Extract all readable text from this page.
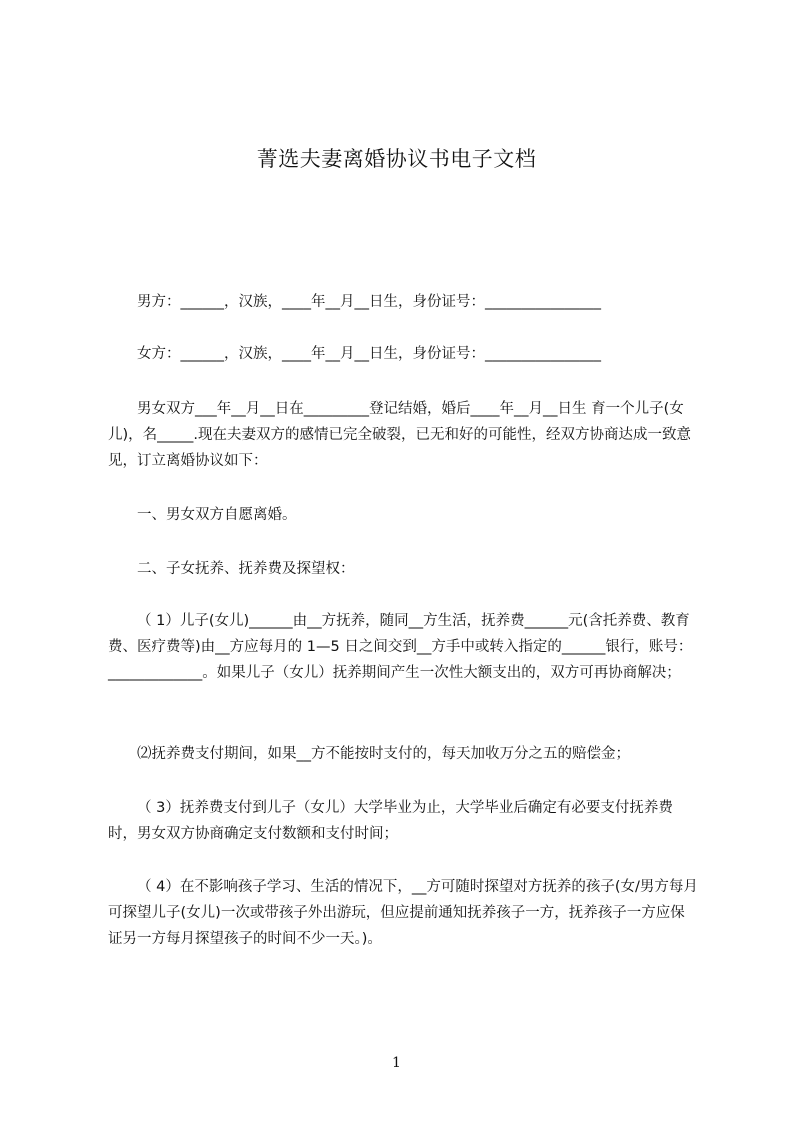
菁选夫妻离婚协议书电子文档

男方：______，汉族，____年__月__日生，身份证号：________________

女方：______，汉族，____年__月__日生，身份证号：________________

男女双方___年__月__日在_________登记结婚，婚后____年__月__日生 育一个儿子(女儿)，名_____.现在夫妻双方的感情已完全破裂，已无和好的可能性，经双方协商达成一致意见，订立离婚协议如下：

一、男女双方自愿离婚。

二、子女抚养、抚养费及探望权：

（ 1）儿子(女儿)______由__方抚养，随同__方生活，抚养费______元(含托养费、教育费、医疗费等)由__方应每月的 1—5 日之间交到__方手中或转入指定的______银行，账号：_____________。如果儿子（女儿）抚养期间产生一次性大额支出的，双方可再协商解决；

⑵抚养费支付期间，如果__方不能按时支付的，每天加收万分之五的赔偿金；

（ 3）抚养费支付到儿子（女儿）大学毕业为止，大学毕业后确定有必要支付抚养费时，男女双方协商确定支付数额和支付时间；

（ 4）在不影响孩子学习、生活的情况下，__方可随时探望对方抚养的孩子(女/男方每月可探望儿子(女儿)一次或带孩子外出游玩，但应提前通知抚养孩子一方，抚养孩子一方应保证另一方每月探望孩子的时间不少一天。)。

1
